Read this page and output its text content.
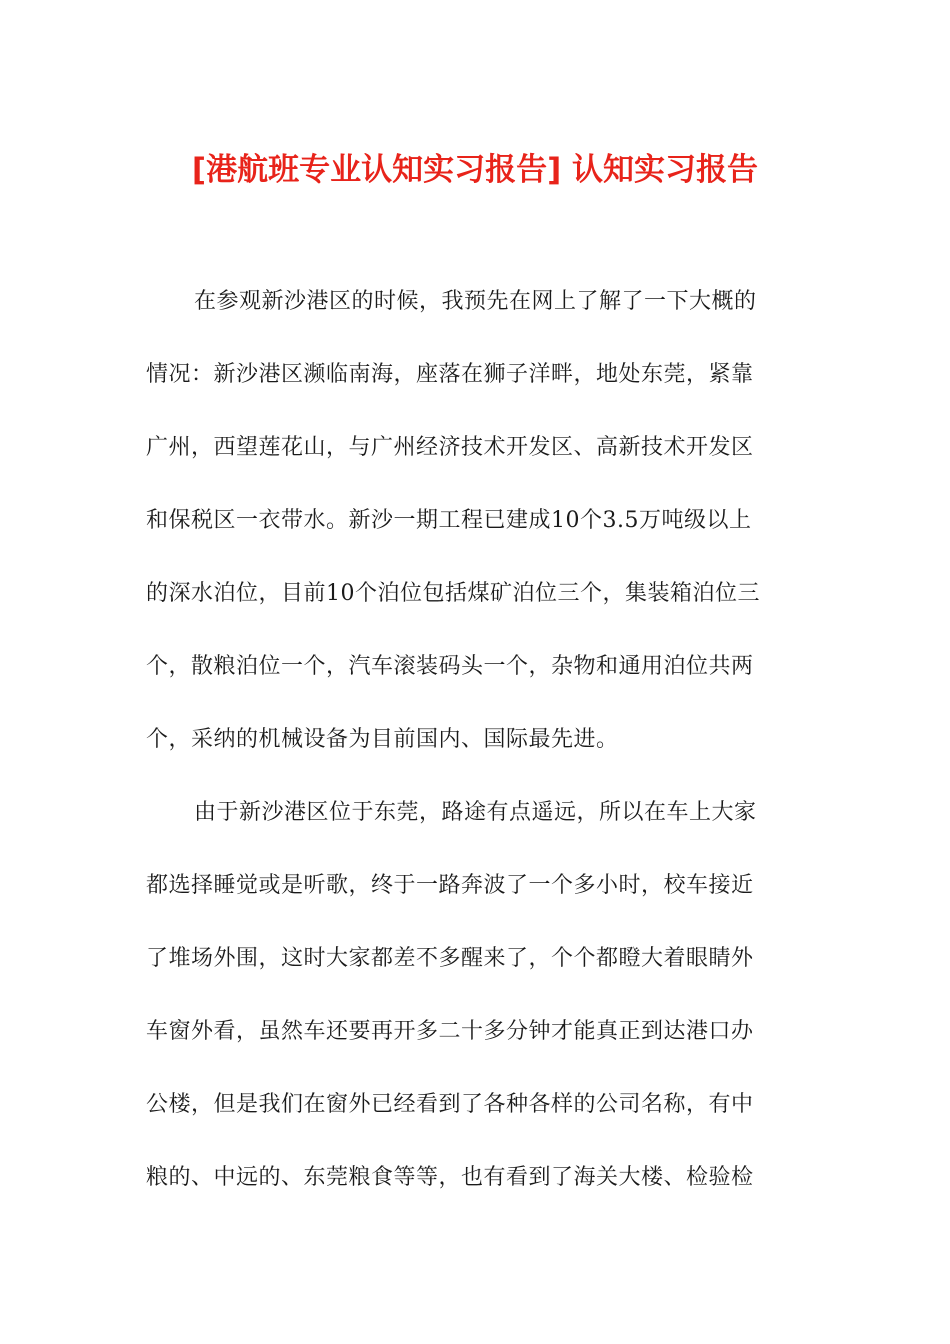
[港航班专业认知实习报告] 认知实习报告
在参观新沙港区的时候，我预先在网上了解了一下大概的
情况：新沙港区濒临南海，座落在狮子洋畔，地处东莞，紧靠
广州，西望莲花山，与广州经济技术开发区、高新技术开发区
和保税区一衣带水。新沙一期工程已建成10个3.5万吨级以上
的深水泊位，目前10个泊位包括煤矿泊位三个，集装箱泊位三
个，散粮泊位一个，汽车滚装码头一个，杂物和通用泊位共两
个，采纳的机械设备为目前国内、国际最先进。
由于新沙港区位于东莞，路途有点遥远，所以在车上大家
都选择睡觉或是听歌，终于一路奔波了一个多小时，校车接近
了堆场外围，这时大家都差不多醒来了，个个都瞪大着眼睛外
车窗外看，虽然车还要再开多二十多分钟才能真正到达港口办
公楼，但是我们在窗外已经看到了各种各样的公司名称，有中
粮的、中远的、东莞粮食等等，也有看到了海关大楼、检验检
